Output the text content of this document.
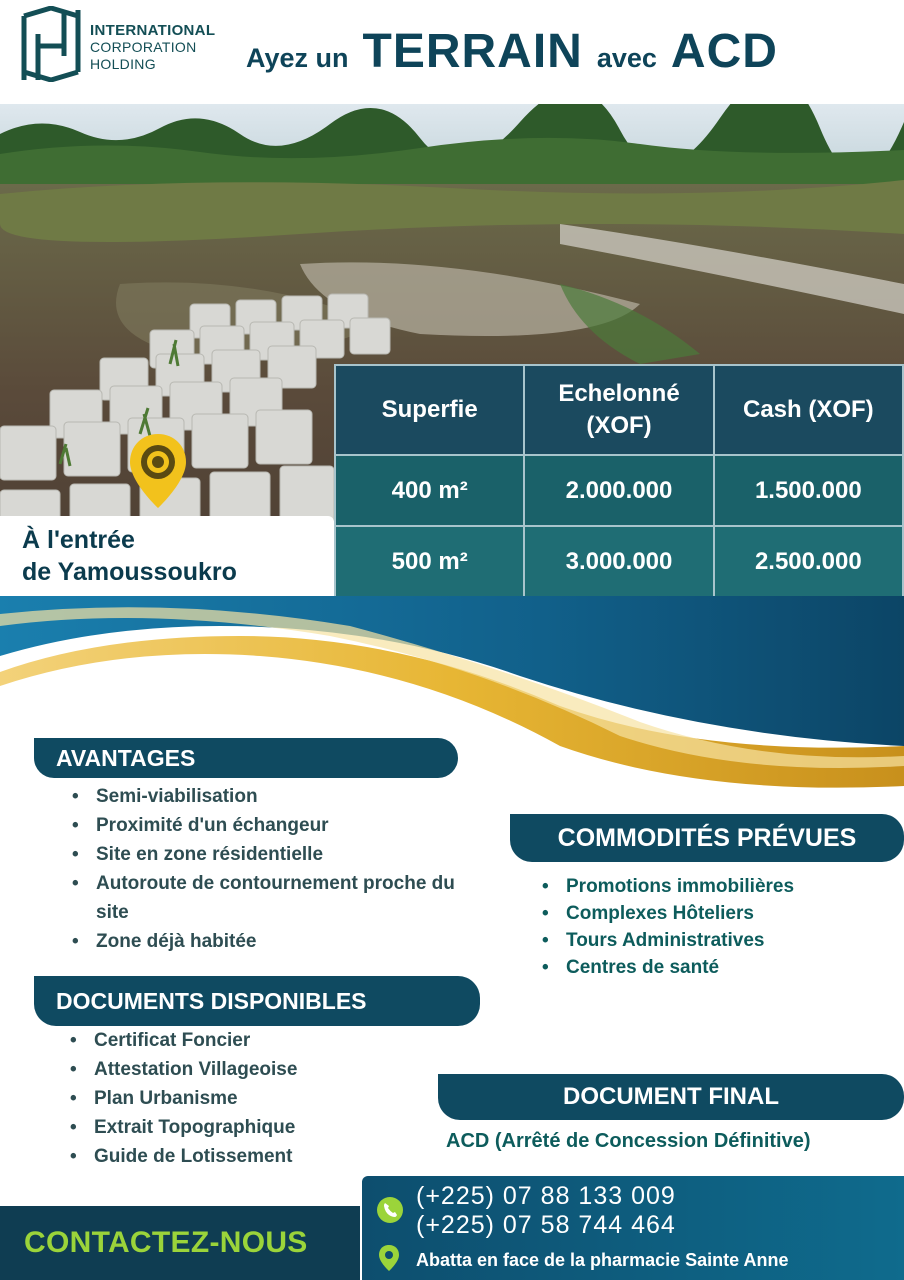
INTERNATIONAL
CORPORATION
HOLDING	Ayez un TERRAIN avec ACD
À l'entrée
de Yamoussoukro
Superfie	Echelonné (XOF)	Cash (XOF)
400 m²	2.000.000	1.500.000
500 m²	3.000.000	2.500.000
AVANTAGES
• Semi-viabilisation
• Proximité d'un échangeur
• Site en zone résidentielle
• Autoroute de contournement proche du site
• Zone déjà habitée
COMMODITÉS PRÉVUES
• Promotions immobilières
• Complexes Hôteliers
• Tours Administratives
• Centres de santé
DOCUMENTS DISPONIBLES
• Certificat Foncier
• Attestation Villageoise
• Plan Urbanisme
• Extrait Topographique
• Guide de Lotissement
DOCUMENT FINAL
ACD (Arrêté de Concession Définitive)
CONTACTEZ-NOUS
(+225) 07 88 133 009
(+225) 07 58 744 464
Abatta en face de la pharmacie Sainte Anne
